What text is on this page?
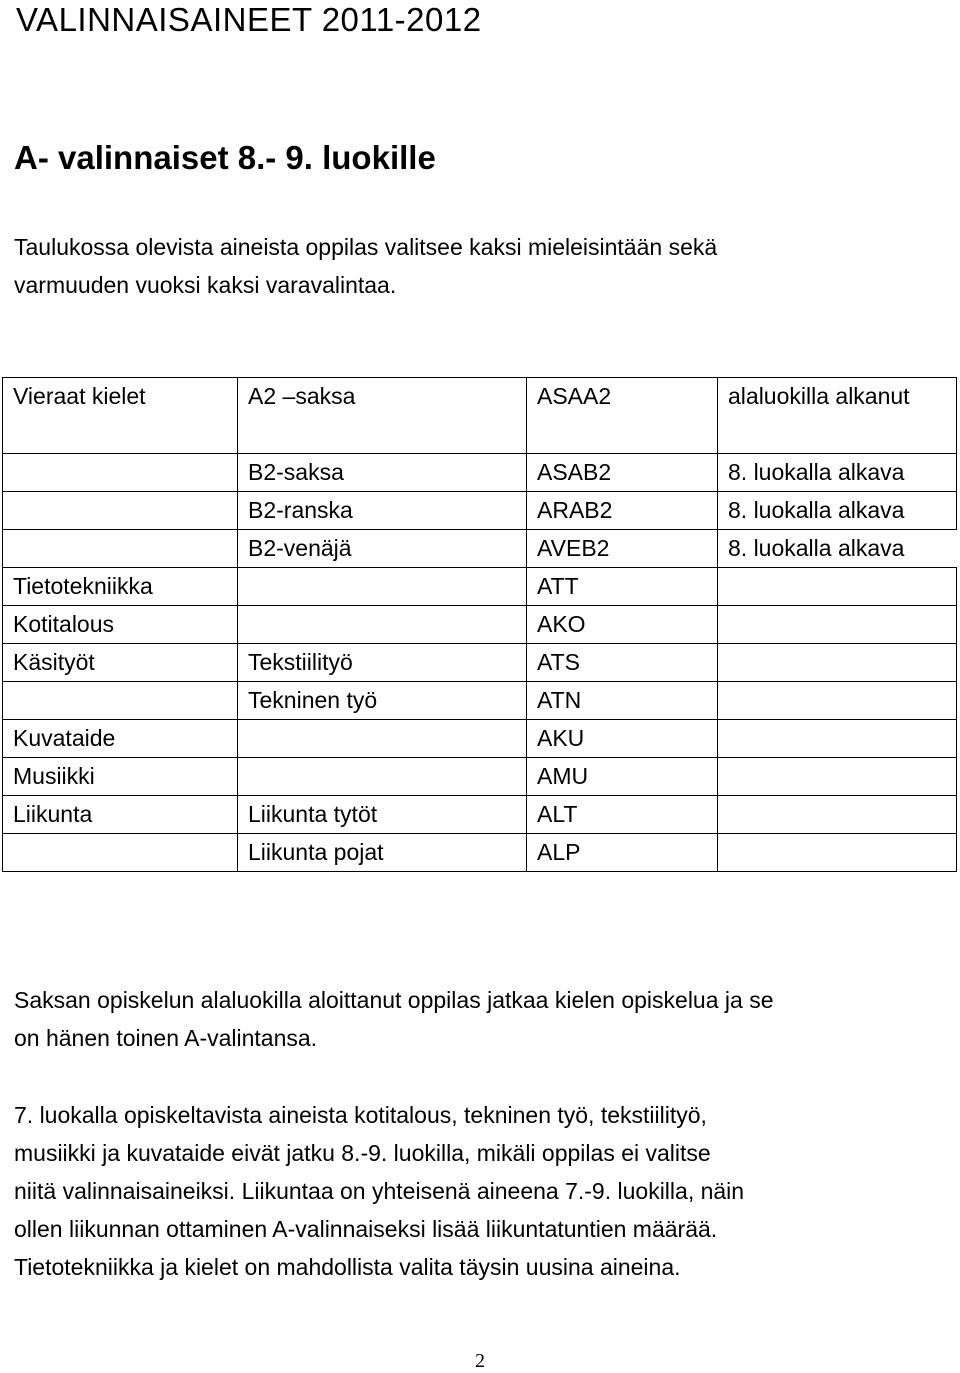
VALINNAISAINEET 2011-2012
A- valinnaiset 8.- 9. luokille
Taulukossa olevista aineista oppilas valitsee kaksi mieleisintään sekä
varmuuden vuoksi kaksi varavalintaa.
Vieraat kielet	A2 –saksa	ASAA2	alaluokilla alkanut
	B2-saksa	ASAB2	8. luokalla alkava
	B2-ranska	ARAB2	8. luokalla alkava
	B2-venäjä	AVEB2	8. luokalla alkava
Tietotekniikka		ATT	
Kotitalous		AKO	
Käsityöt	Tekstiilityö	ATS	
	Tekninen työ	ATN	
Kuvataide		AKU	
Musiikki		AMU	
Liikunta	Liikunta tytöt	ALT	
	Liikunta pojat	ALP	
Saksan opiskelun alaluokilla aloittanut oppilas jatkaa kielen opiskelua ja se
on hänen toinen A-valintansa.
7. luokalla opiskeltavista aineista kotitalous, tekninen työ, tekstiilityö,
musiikki ja kuvataide eivät jatku 8.-9. luokilla, mikäli oppilas ei valitse
niitä valinnaisaineiksi. Liikuntaa on yhteisenä aineena 7.-9. luokilla, näin
ollen liikunnan ottaminen A-valinnaiseksi lisää liikuntatuntien määrää.
Tietotekniikka ja kielet on mahdollista valita täysin uusina aineina.
2
